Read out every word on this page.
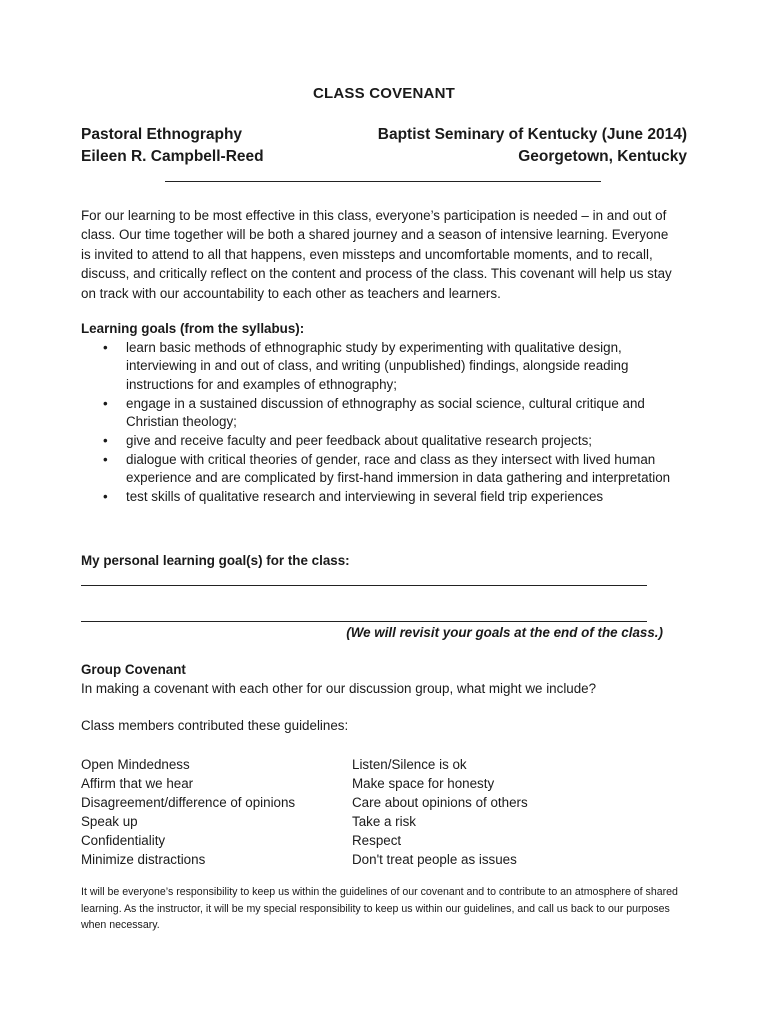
CLASS COVENANT
Pastoral Ethnography	Baptist Seminary of Kentucky (June 2014)
Eileen R. Campbell-Reed	Georgetown, Kentucky
For our learning to be most effective in this class, everyone’s participation is needed – in and out of class. Our time together will be both a shared journey and a season of intensive learning. Everyone is invited to attend to all that happens, even missteps and uncomfortable moments, and to recall, discuss, and critically reflect on the content and process of the class. This covenant will help us stay on track with our accountability to each other as teachers and learners.
Learning goals (from the syllabus):
• learn basic methods of ethnographic study by experimenting with qualitative design, interviewing in and out of class, and writing (unpublished) findings, alongside reading instructions for and examples of ethnography;
• engage in a sustained discussion of ethnography as social science, cultural critique and Christian theology;
• give and receive faculty and peer feedback about qualitative research projects;
• dialogue with critical theories of gender, race and class as they intersect with lived human experience and are complicated by first-hand immersion in data gathering and interpretation
• test skills of qualitative research and interviewing in several field trip experiences
My personal learning goal(s) for the class:
(We will revisit your goals at the end of the class.)
Group Covenant
In making a covenant with each other for our discussion group, what might we include?
Class members contributed these guidelines:
Open Mindedness
Affirm that we hear
Disagreement/difference of opinions
Speak up
Confidentiality
Minimize distractions
Listen/Silence is ok
Make space for honesty
Care about opinions of others
Take a risk
Respect
Don't treat people as issues
It will be everyone’s responsibility to keep us within the guidelines of our covenant and to contribute to an atmosphere of shared learning. As the instructor, it will be my special responsibility to keep us within our guidelines, and call us back to our purposes when necessary.
